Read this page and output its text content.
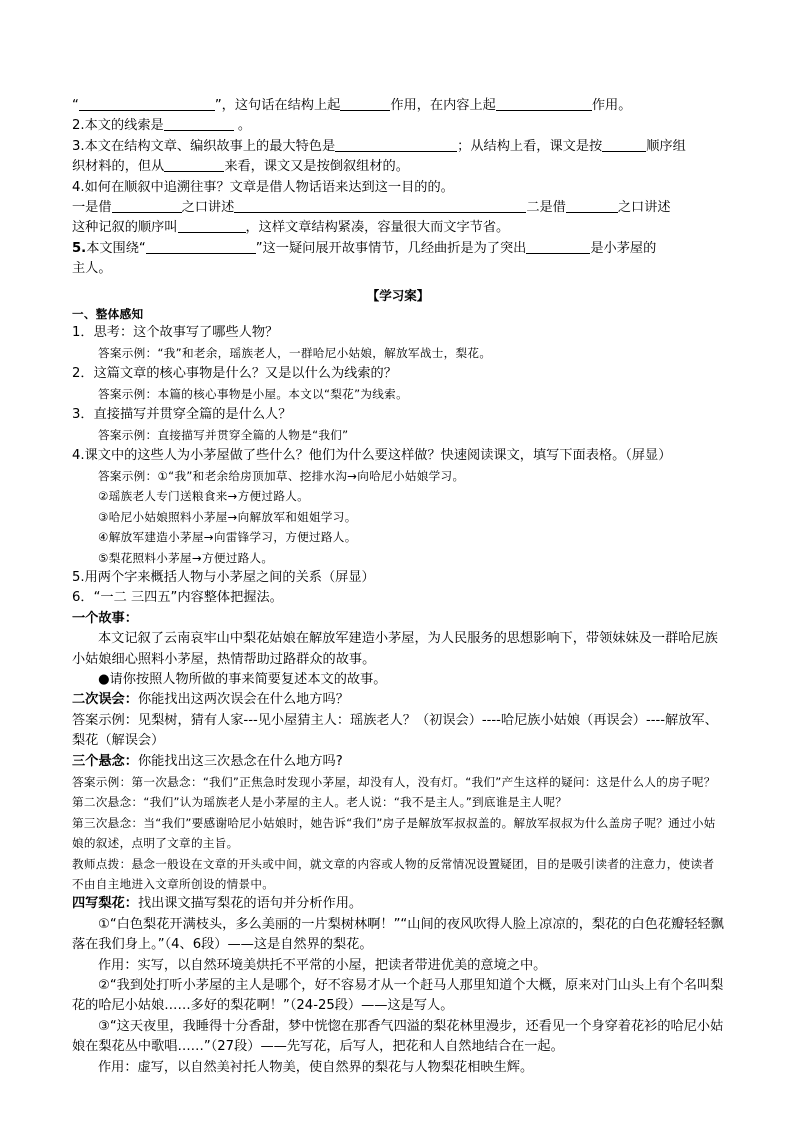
“	”，这句话在结构上起	作用，在内容上起	作用。
2.本文的线索是	。
3.本文在结构文章、编织故事上的最大特色是	；从结构上看，课文是按	顺序组
织材料的，但从	来看，课文又是按倒叙组材的。
4.如何在顺叙中追溯往事？文章是借人物话语来达到这一目的的。
一是借	之口讲述	二是借	之口讲述
这种记叙的顺序叫	，这样文章结构紧凑，容量很大而文字节省。
5.本文围绕“	”这一疑问展开故事情节，几经曲折是为了突出	是小茅屋的
主人。
【学习案】
一、整体感知
1．思考：这个故事写了哪些人物？
答案示例：“我”和老余，瑶族老人，一群哈尼小姑娘，解放军战士，梨花。
2．这篇文章的核心事物是什么？又是以什么为线索的？
答案示例：本篇的核心事物是小屋。本文以“梨花”为线索。
3．直接描写并贯穿全篇的是什么人？
答案示例：直接描写并贯穿全篇的人物是“我们”
4.课文中的这些人为小茅屋做了些什么？他们为什么要这样做？快速阅读课文，填写下面表格。（屏显）
答案示例：①“我”和老余给房顶加草、挖排水沟→向哈尼小姑娘学习。
②瑶族老人专门送粮食来→方便过路人。
③哈尼小姑娘照料小茅屋→向解放军和姐姐学习。
④解放军建造小茅屋→向雷锋学习，方便过路人。
⑤梨花照料小茅屋→方便过路人。
5.用两个字来概括人物与小茅屋之间的关系（屏显）
6．“一二 三四五”内容整体把握法。
一个故事：
本文记叙了云南哀牢山中梨花姑娘在解放军建造小茅屋，为人民服务的思想影响下，带领妹妹及一群哈尼族小姑娘细心照料小茅屋，热情帮助过路群众的故事。
●请你按照人物所做的事来简要复述本文的故事。
二次误会：你能找出这两次误会在什么地方吗？
答案示例：见梨树，猜有人家---见小屋猜主人：瑶族老人？（初误会）----哈尼族小姑娘（再误会）----解放军、梨花（解误会）
三个悬念：你能找出这三次悬念在什么地方吗?
答案示例：第一次悬念：“我们”正焦急时发现小茅屋，却没有人，没有灯。“我们”产生这样的疑问：这是什么人的房子呢？
第二次悬念：“我们”认为瑶族老人是小茅屋的主人。老人说：“我不是主人。”到底谁是主人呢？
第三次悬念：当“我们”要感谢哈尼小姑娘时，她告诉“我们”房子是解放军叔叔盖的。解放军叔叔为什么盖房子呢？通过小姑娘的叙述，点明了文章的主旨。
教师点拨：悬念一般设在文章的开头或中间，就文章的内容或人物的反常情况设置疑团，目的是吸引读者的注意力，使读者不由自主地进入文章所创设的情景中。
四写梨花：找出课文描写梨花的语句并分析作用。
①“白色梨花开满枝头，多么美丽的一片梨树林啊！”“山间的夜风吹得人脸上凉凉的，梨花的白色花瓣轻轻飘落在我们身上。”（4、6段）——这是自然界的梨花。
作用：实写，以自然环境美烘托不平常的小屋，把读者带进优美的意境之中。
②“我到处打听小茅屋的主人是哪个，好不容易才从一个赶马人那里知道个大概，原来对门山头上有个名叫梨花的哈尼小姑娘……多好的梨花啊！”（24-25段）——这是写人。
③“这天夜里，我睡得十分香甜，梦中恍惚在那香气四溢的梨花林里漫步，还看见一个身穿着花衫的哈尼小姑娘在梨花丛中歌唱……”（27段）——先写花，后写人，把花和人自然地结合在一起。
作用：虚写，以自然美衬托人物美，使自然界的梨花与人物梨花相映生辉。
